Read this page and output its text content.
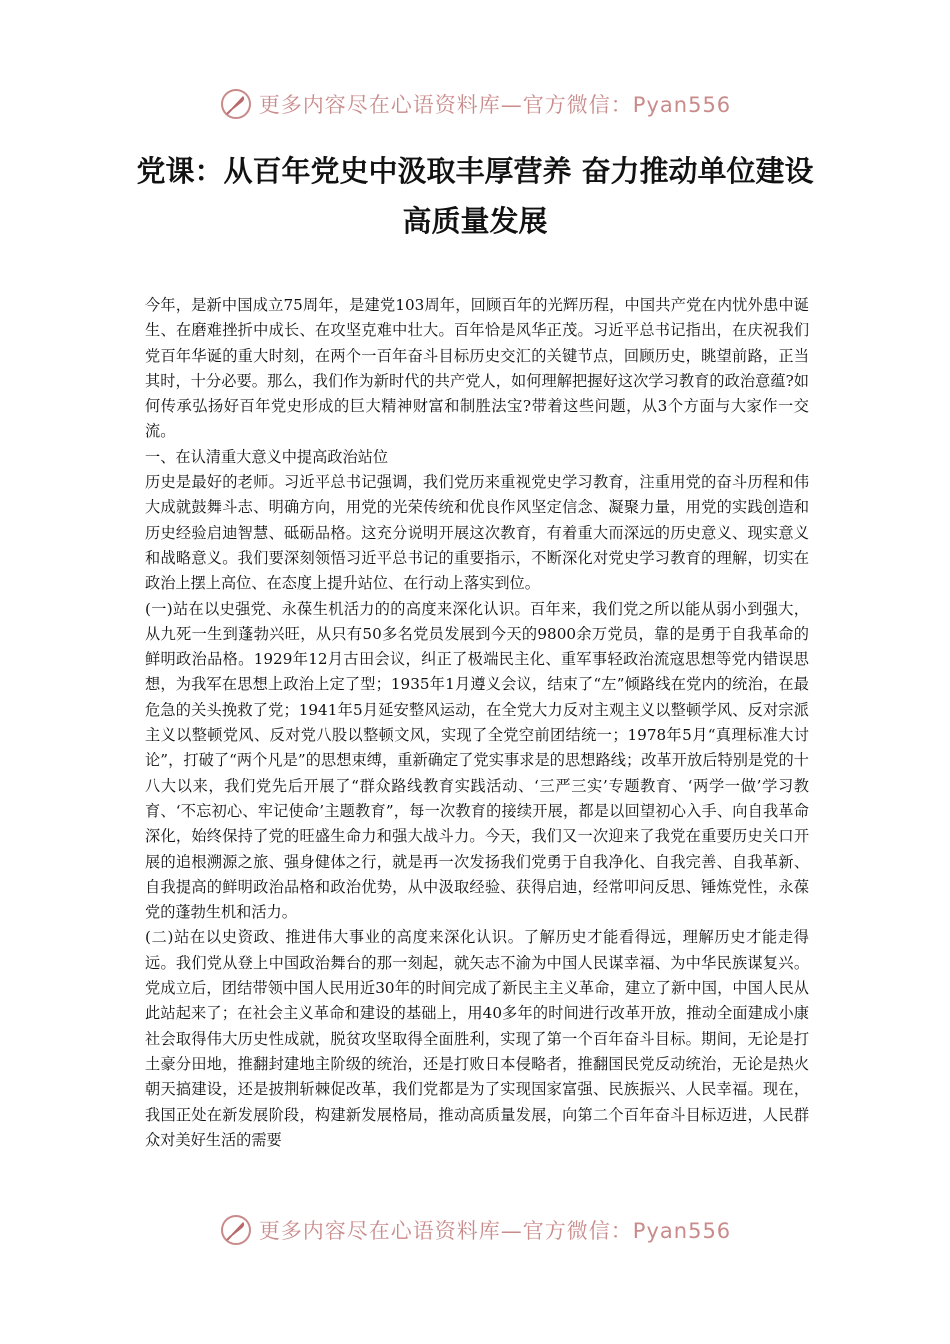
更多内容尽在心语资料库—官方微信：Pyan556
党课：从百年党史中汲取丰厚营养 奋力推动单位建设高质量发展

今年，是新中国成立75周年，是建党103周年，回顾百年的光辉历程，中国共产党在内忧外患中诞生、在磨难挫折中成长、在攻坚克难中壮大。百年恰是风华正茂。习近平总书记指出，在庆祝我们党百年华诞的重大时刻，在两个一百年奋斗目标历史交汇的关键节点，回顾历史，眺望前路，正当其时，十分必要。那么，我们作为新时代的共产党人，如何理解把握好这次学习教育的政治意蕴?如何传承弘扬好百年党史形成的巨大精神财富和制胜法宝?带着这些问题，从3个方面与大家作一交流。

一、在认清重大意义中提高政治站位

历史是最好的老师。习近平总书记强调，我们党历来重视党史学习教育，注重用党的奋斗历程和伟大成就鼓舞斗志、明确方向，用党的光荣传统和优良作风坚定信念、凝聚力量，用党的实践创造和历史经验启迪智慧、砥砺品格。这充分说明开展这次教育，有着重大而深远的历史意义、现实意义和战略意义。我们要深刻领悟习近平总书记的重要指示，不断深化对党史学习教育的理解，切实在政治上摆上高位、在态度上提升站位、在行动上落实到位。

(一)站在以史强党、永葆生机活力的的高度来深化认识。百年来，我们党之所以能从弱小到强大，从九死一生到蓬勃兴旺，从只有50多名党员发展到今天的9800余万党员，靠的是勇于自我革命的鲜明政治品格。1929年12月古田会议，纠正了极端民主化、重军事轻政治流寇思想等党内错误思想，为我军在思想上政治上定了型；1935年1月遵义会议，结束了“左”倾路线在党内的统治，在最危急的关头挽救了党；1941年5月延安整风运动，在全党大力反对主观主义以整顿学风、反对宗派主义以整顿党风、反对党八股以整顿文风，实现了全党空前团结统一；1978年5月“真理标准大讨论”，打破了“两个凡是”的思想束缚，重新确定了党实事求是的思想路线；改革开放后特别是党的十八大以来，我们党先后开展了“群众路线教育实践活动、‘三严三实’专题教育、‘两学一做’学习教育、‘不忘初心、牢记使命’主题教育”，每一次教育的接续开展，都是以回望初心入手、向自我革命深化，始终保持了党的旺盛生命力和强大战斗力。今天，我们又一次迎来了我党在重要历史关口开展的追根溯源之旅、强身健体之行，就是再一次发扬我们党勇于自我净化、自我完善、自我革新、自我提高的鲜明政治品格和政治优势，从中汲取经验、获得启迪，经常叩问反思、锤炼党性，永葆党的蓬勃生机和活力。

(二)站在以史资政、推进伟大事业的高度来深化认识。了解历史才能看得远，理解历史才能走得远。我们党从登上中国政治舞台的那一刻起，就矢志不渝为中国人民谋幸福、为中华民族谋复兴。党成立后，团结带领中国人民用近30年的时间完成了新民主主义革命，建立了新中国，中国人民从此站起来了；在社会主义革命和建设的基础上，用40多年的时间进行改革开放，推动全面建成小康社会取得伟大历史性成就，脱贫攻坚取得全面胜利，实现了第一个百年奋斗目标。期间，无论是打土豪分田地，推翻封建地主阶级的统治，还是打败日本侵略者，推翻国民党反动统治，无论是热火朝天搞建设，还是披荆斩棘促改革，我们党都是为了实现国家富强、民族振兴、人民幸福。现在，我国正处在新发展阶段，构建新发展格局，推动高质量发展，向第二个百年奋斗目标迈进，人民群众对美好生活的需要

更多内容尽在心语资料库—官方微信：Pyan556
